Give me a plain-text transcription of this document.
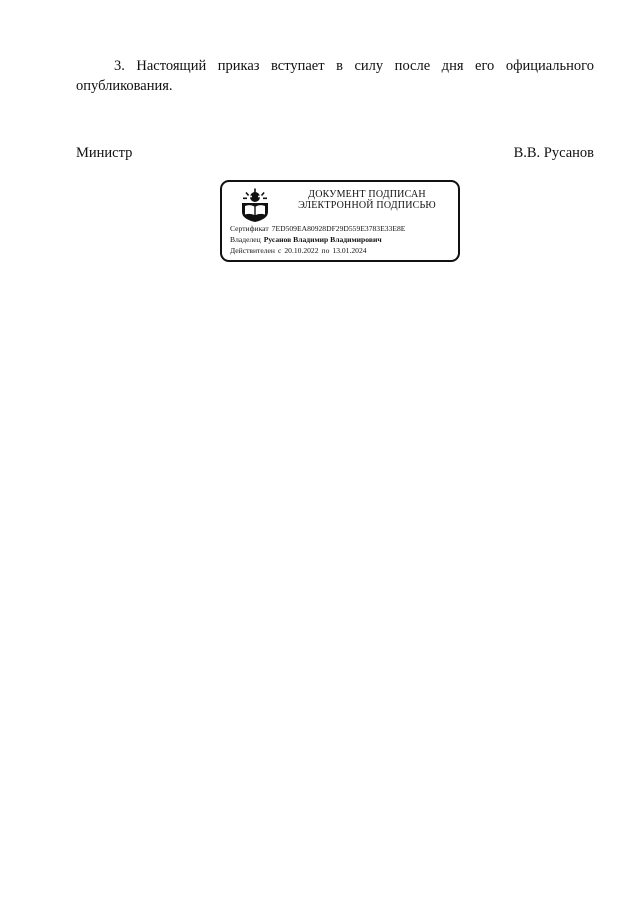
3. Настоящий приказ вступает в силу после дня его официального
опубликования.

Министр	В.В. Русанов
ДОКУМЕНТ ПОДПИСАН
ЭЛЕКТРОННОЙ ПОДПИСЬЮ
Сертификат 7ED509EA80928DF29D559E3783E33E8E
Владелец Русанов Владимир Владимирович
Действителен с 20.10.2022 по 13.01.2024
